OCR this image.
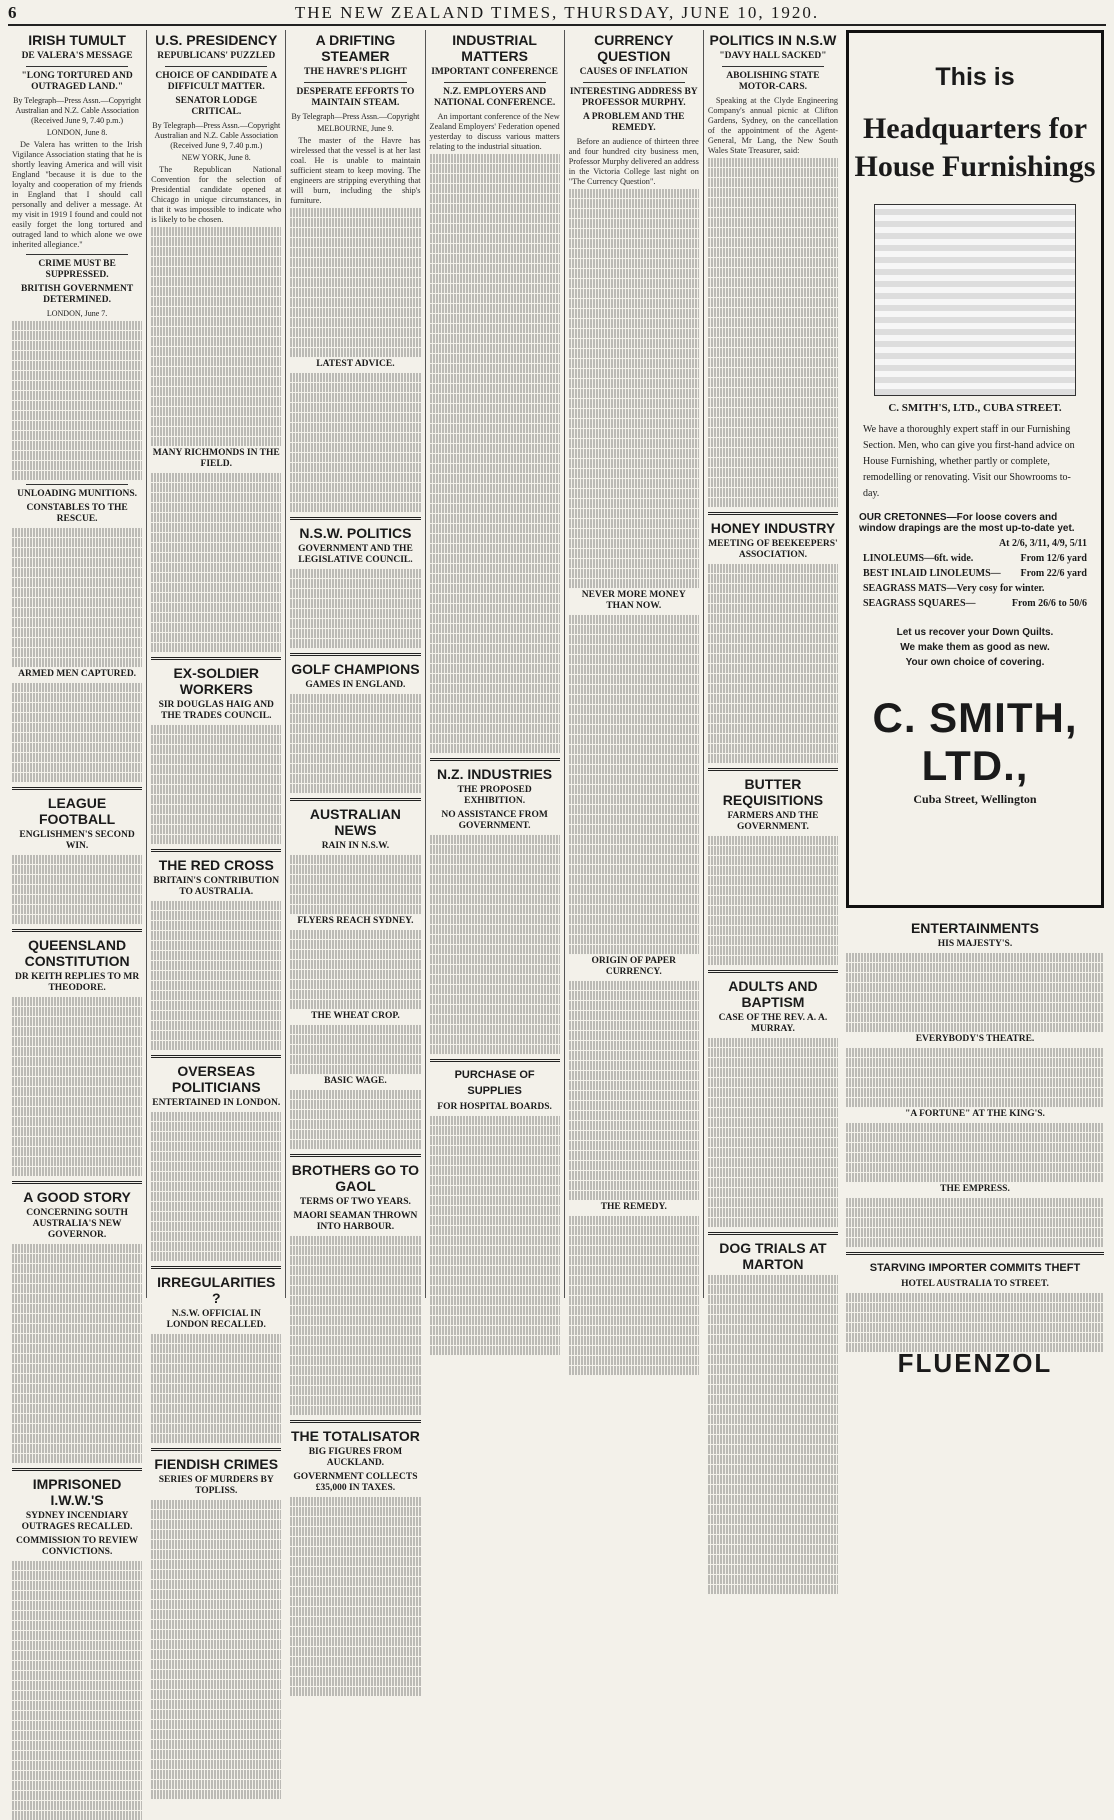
6	THE NEW ZEALAND TIMES, THURSDAY, JUNE 10, 1920.
IRISH TUMULT
DE VALERA'S MESSAGE
"LONG TORTURED AND OUTRAGED LAND."
By Telegraph—Press Assn.—Copyright Australian and N.Z. Cable Association (Received June 9, 7.40 p.m.)
LONDON, June 8.

De Valera has written to the Irish Vigilance Association stating that he is shortly leaving America and will visit England "because it is due to the loyalty and cooperation of my friends in England that I should call personally and deliver a message. At my visit in 1919 I found and could not easily forget the long tortured and outraged land to which alone we owe inherited allegiance."

CRIME MUST BE SUPPRESSED.
BRITISH GOVERNMENT DETERMINED.
LONDON, June 7.
UNLOADING MUNITIONS.
CONSTABLES TO THE RESCUE.
ARMED MEN CAPTURED.
LEAGUE FOOTBALL
ENGLISHMEN'S SECOND WIN.
QUEENSLAND CONSTITUTION
DR KEITH REPLIES TO MR THEODORE.
A GOOD STORY
CONCERNING SOUTH AUSTRALIA'S NEW GOVERNOR.
IMPRISONED I.W.W.'S
SYDNEY INCENDIARY OUTRAGES RECALLED.
COMMISSION TO REVIEW CONVICTIONS.
U.S. PRESIDENCY
REPUBLICANS' PUZZLED
CHOICE OF CANDIDATE A DIFFICULT MATTER.
SENATOR LODGE CRITICAL.
By Telegraph—Press Assn.—Copyright Australian and N.Z. Cable Association (Received June 9, 7.40 p.m.)
NEW YORK, June 8.

The Republican National Convention for the selection of Presidential candidate opened at Chicago in unique circumstances, in that it was impossible to indicate who is likely to be chosen.

MANY RICHMONDS IN THE FIELD.
EX-SOLDIER WORKERS
SIR DOUGLAS HAIG AND THE TRADES COUNCIL.
THE RED CROSS
BRITAIN'S CONTRIBUTION TO AUSTRALIA.
OVERSEAS POLITICIANS
ENTERTAINED IN LONDON.
IRREGULARITIES ?
N.S.W. OFFICIAL IN LONDON RECALLED.
FIENDISH CRIMES
SERIES OF MURDERS BY TOPLISS.
A DRIFTING STEAMER
THE HAVRE'S PLIGHT
DESPERATE EFFORTS TO MAINTAIN STEAM.
By Telegraph—Press Assn.—Copyright
MELBOURNE, June 9.

The master of the Havre has wirelessed that the vessel is at her last coal. He is unable to maintain sufficient steam to keep moving. The engineers are stripping everything that will burn, including the ship's furniture.

LATEST ADVICE.
N.S.W. POLITICS
GOVERNMENT AND THE LEGISLATIVE COUNCIL.
GOLF CHAMPIONS
GAMES IN ENGLAND.
AUSTRALIAN NEWS
RAIN IN N.S.W.
FLYERS REACH SYDNEY.
THE WHEAT CROP.
BASIC WAGE.
BROTHERS GO TO GAOL
TERMS OF TWO YEARS.
MAORI SEAMAN THROWN INTO HARBOUR.
THE TOTALISATOR
BIG FIGURES FROM AUCKLAND.
GOVERNMENT COLLECTS £35,000 IN TAXES.
INDUSTRIAL MATTERS
IMPORTANT CONFERENCE
N.Z. EMPLOYERS AND NATIONAL CONFERENCE.

An important conference of the New Zealand Employers' Federation opened yesterday to discuss various matters relating to the industrial situation.

N.Z. INDUSTRIES
THE PROPOSED EXHIBITION.
NO ASSISTANCE FROM GOVERNMENT.
PURCHASE OF SUPPLIES
FOR HOSPITAL BOARDS.
CURRENCY QUESTION
CAUSES OF INFLATION
INTERESTING ADDRESS BY PROFESSOR MURPHY.
A PROBLEM AND THE REMEDY.

Before an audience of thirteen three and four hundred city business men, Professor Murphy delivered an address in the Victoria College last night on "The Currency Question".

NEVER MORE MONEY THAN NOW.
ORIGIN OF PAPER CURRENCY.
THE REMEDY.
POLITICS IN N.S.W
"DAVY HALL SACKED"
ABOLISHING STATE MOTOR-CARS.

Speaking at the Clyde Engineering Company's annual picnic at Clifton Gardens, Sydney, on the cancellation of the appointment of the Agent-General, Mr Lang, the New South Wales State Treasurer, said:

HONEY INDUSTRY
MEETING OF BEEKEEPERS' ASSOCIATION.
BUTTER REQUISITIONS
FARMERS AND THE GOVERNMENT.
ADULTS AND BAPTISM
CASE OF THE REV. A. A. MURRAY.
DOG TRIALS AT MARTON
This is
Headquarters for
House Furnishings
C. SMITH'S, LTD., CUBA STREET.
We have a thoroughly expert staff in our Furnishing Section. Men, who can give you first-hand advice on House Furnishing, whether partly or complete, remodelling or renovating. Visit our Showrooms to-day.
OUR CRETONNES—For loose covers and window drapings are the most up-to-date yet.
At 2/6, 3/11, 4/9, 5/11
LINOLEUMS—6ft. wide.	From 12/6 yard
BEST INLAID LINOLEUMS— From 22/6 yard
SEAGRASS MATS—Very cosy for winter.
SEAGRASS SQUARES—	From 26/6 to 50/6
Let us recover your Down Quilts.
We make them as good as new.
Your own choice of covering.
C. SMITH, LTD.,
Cuba Street, Wellington
ENTERTAINMENTS
HIS MAJESTY'S.
EVERYBODY'S THEATRE.
"A FORTUNE" AT THE KING'S.
THE EMPRESS.
STARVING IMPORTER COMMITS THEFT
HOTEL AUSTRALIA TO STREET.
FLUENZOL
